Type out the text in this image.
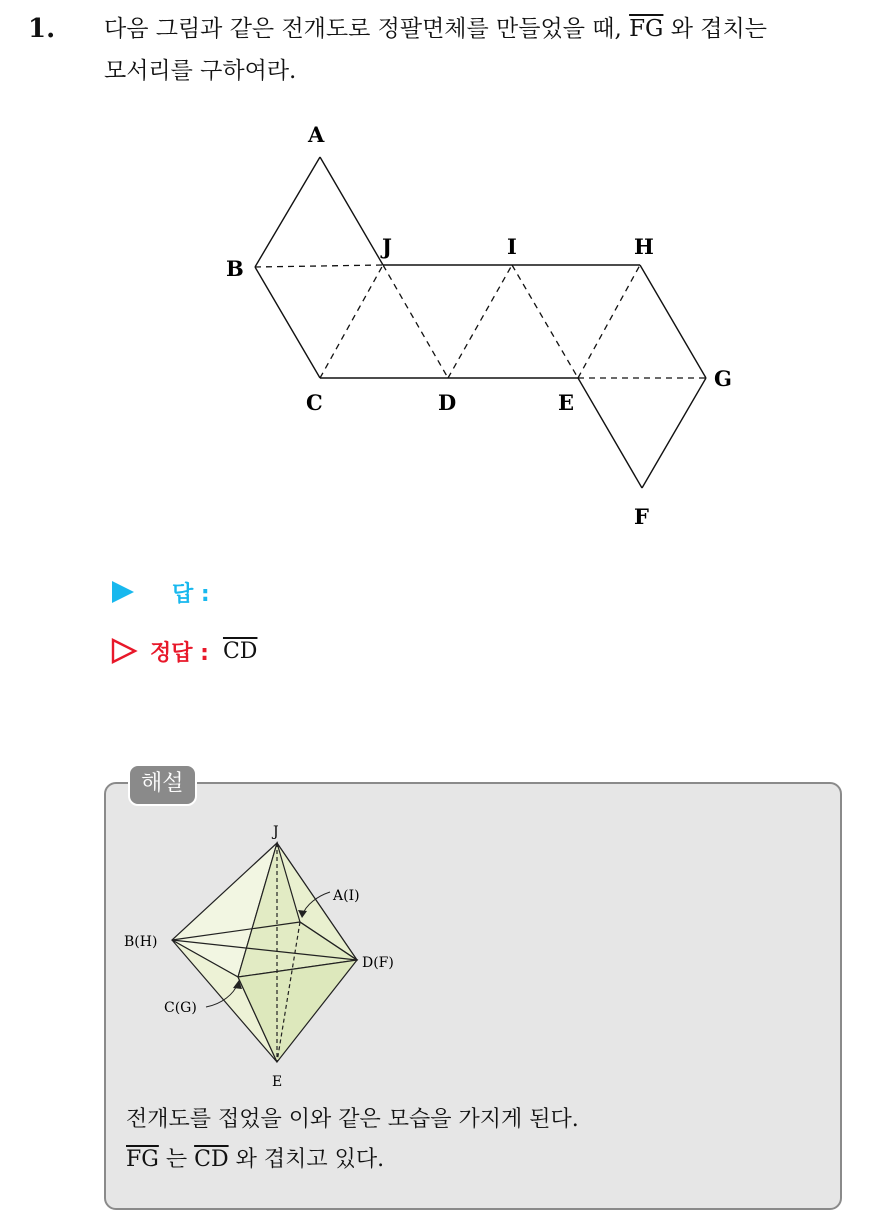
1. 다음 그림과 같은 전개도로 정팔면체를 만들었을 때, $\overline{FG}$ 와 겹치는
모서리를 구하여라.
A
B
C	D	E
F
G
H
I
J
답 :
정답 : $\overline{CD}$
해설
J
A(I)
B(H)
D(F)
C(G)
E
전개도를 접었을 이와 같은 모습을 가지게 된다.
$\overline{FG}$ 는 $\overline{CD}$ 와 겹치고 있다.
